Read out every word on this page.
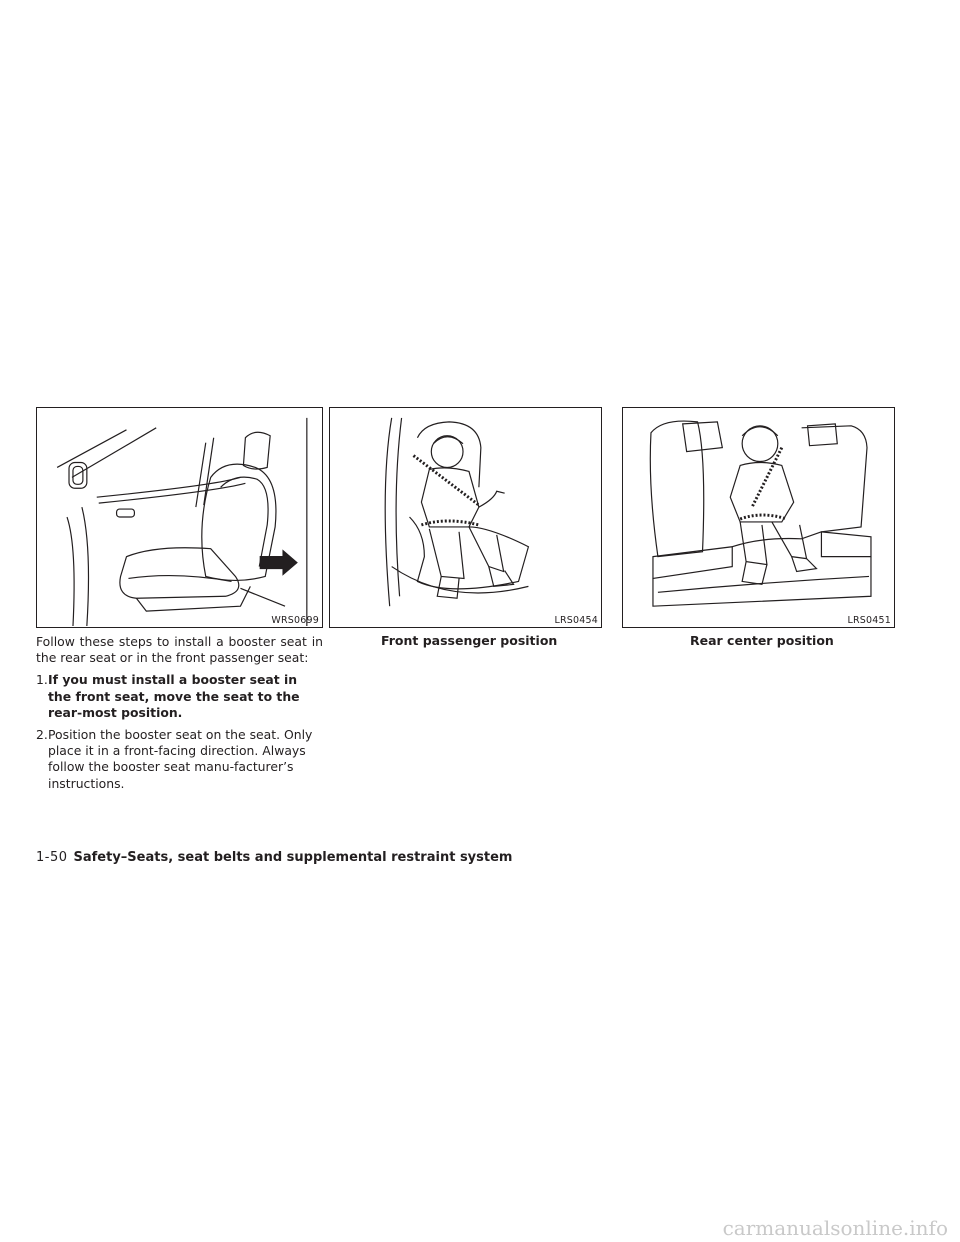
WRS0699	LRS0454	LRS0451
Front passenger position	Rear center position

Follow these steps to install a booster seat in the rear seat or in the front passenger seat:

1. If you must install a booster seat in the front seat, move the seat to the rear-most position.
2. Position the booster seat on the seat. Only place it in a front-facing direction. Always follow the booster seat manu-facturer’s instructions.
1-50 Safety–Seats, seat belts and supplemental restraint system
carmanualsonline.info
